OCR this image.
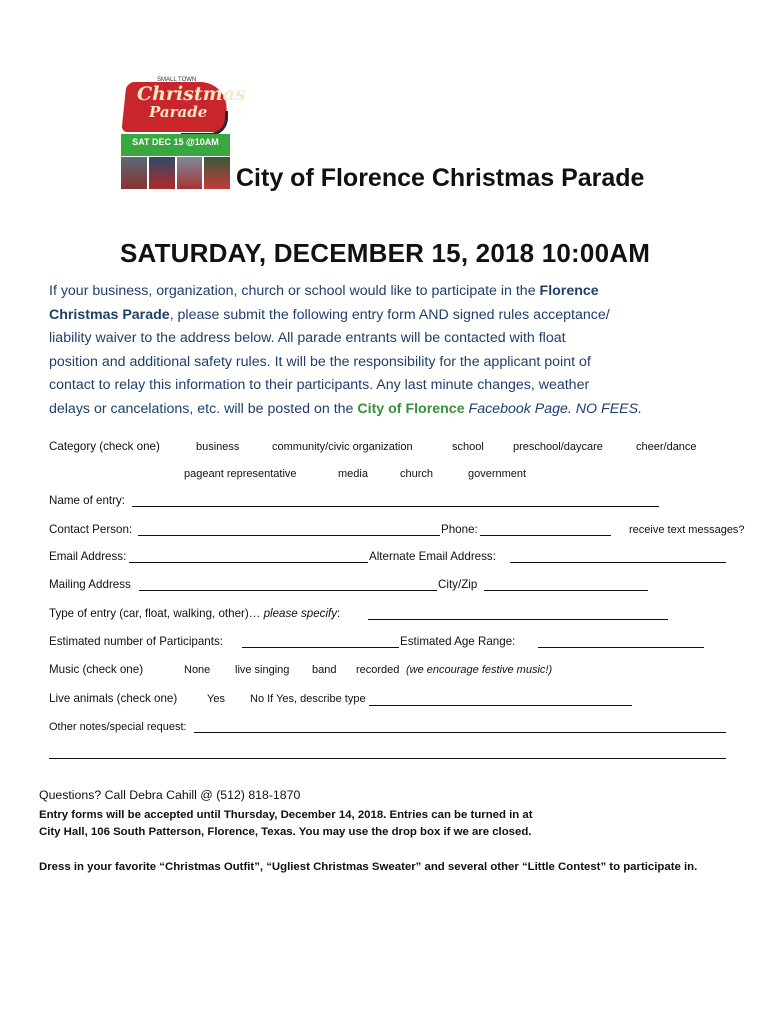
SMALL TOWN
Christmas
Parade
SAT DEC 15 @10AM
City of Florence Christmas Parade
SATURDAY, DECEMBER 15, 2018 10:00AM
If your business, organization, church or school would like to participate in the Florence
Christmas Parade, please submit the following entry form AND signed rules acceptance/
liability waiver to the address below. All parade entrants will be contacted with float
position and additional safety rules. It will be the responsibility for the applicant point of
contact to relay this information to their participants. Any last minute changes, weather
delays or cancelations, etc. will be posted on the City of Florence Facebook Page. NO FEES.
Category (check one)	business	community/civic organization	school	preschool/daycare	cheer/dance
pageant representative	media	church	government
Name of entry:
Contact Person:	Phone:	receive text messages?
Email Address:	Alternate Email Address:
Mailing Address	City/Zip
Type of entry (car, float, walking, other)… please specify:
Estimated number of Participants:	Estimated Age Range:
Music (check one)	None live singing band recorded (we encourage festive music!)
Live animals (check one)	Yes No If Yes, describe type
Other notes/special request:
Questions? Call Debra Cahill @ (512) 818-1870
Entry forms will be accepted until Thursday, December 14, 2018. Entries can be turned in at
City Hall, 106 South Patterson, Florence, Texas. You may use the drop box if we are closed.
Dress in your favorite “Christmas Outfit”, “Ugliest Christmas Sweater” and several other “Little Contest” to participate in.
